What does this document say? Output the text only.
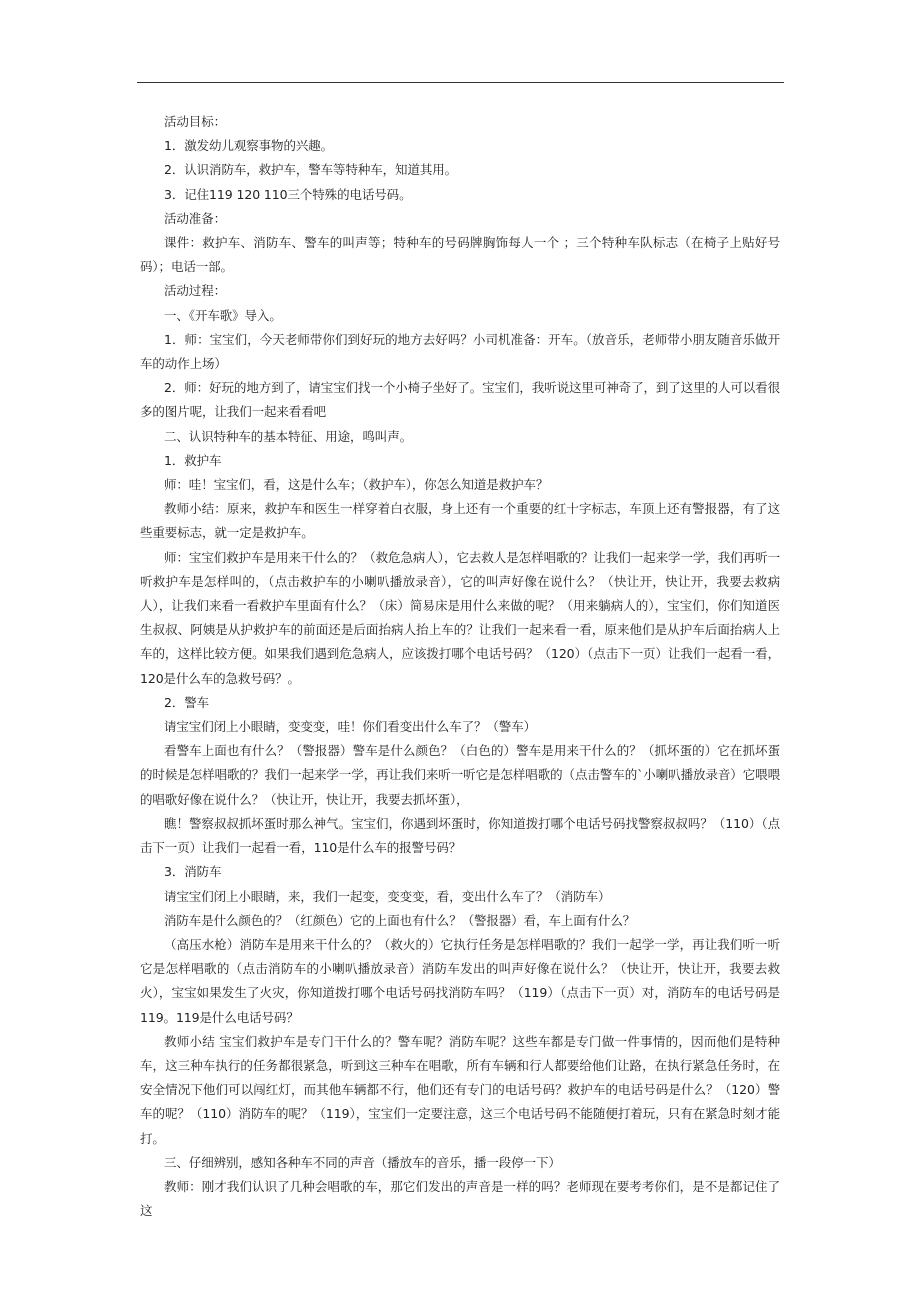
活动目标：

1．激发幼儿观察事物的兴趣。

2．认识消防车，救护车，警车等特种车，知道其用。

3．记住119 120 110三个特殊的电话号码。

活动准备：

课件：救护车、消防车、警车的叫声等；特种车的号码牌胸饰每人一个 ；三个特种车队标志（在椅子上贴好号码）；电话一部。

活动过程：

一、《开车歌》导入。

1．师：宝宝们，今天老师带你们到好玩的地方去好吗？小司机准备：开车。（放音乐，老师带小朋友随音乐做开车的动作上场）

2．师：好玩的地方到了，请宝宝们找一个小椅子坐好了。宝宝们，我听说这里可神奇了，到了这里的人可以看很多的图片呢，让我们一起来看看吧

二、认识特种车的基本特征、用途，鸣叫声。

1．救护车

师：哇！宝宝们，看，这是什么车；（救护车），你怎么知道是救护车？

教师小结：原来，救护车和医生一样穿着白衣服，身上还有一个重要的红十字标志，车顶上还有警报器，有了这些重要标志，就一定是救护车。

师：宝宝们救护车是用来干什么的？（救危急病人），它去救人是怎样唱歌的？让我们一起来学一学，我们再听一听救护车是怎样叫的，（点击救护车的小喇叭播放录音），它的叫声好像在说什么？（快让开，快让开，我要去救病人），让我们来看一看救护车里面有什么？（床）简易床是用什么来做的呢？（用来躺病人的），宝宝们，你们知道医生叔叔、阿姨是从护救护车的前面还是后面抬病人抬上车的？让我们一起来看一看，原来他们是从护车后面抬病人上车的，这样比较方便。如果我们遇到危急病人，应该拨打哪个电话号码？（120）（点击下一页）让我们一起看一看，120是什么车的急救号码？。

2．警车

请宝宝们闭上小眼睛，变变变，哇！你们看变出什么车了？（警车）

看警车上面也有什么？（警报器）警车是什么颜色？（白色的）警车是用来干什么的？（抓坏蛋的）它在抓坏蛋的时候是怎样唱歌的？我们一起来学一学，再让我们来听一听它是怎样唱歌的（点击警车的`小喇叭播放录音）它喂喂的唱歌好像在说什么？（快让开，快让开，我要去抓坏蛋），

瞧！警察叔叔抓坏蛋时那么神气。宝宝们，你遇到坏蛋时，你知道拨打哪个电话号码找警察叔叔吗？（110）（点击下一页）让我们一起看一看，110是什么车的报警号码？

3．消防车

请宝宝们闭上小眼睛，来，我们一起变，变变变，看，变出什么车了？（消防车）

消防车是什么颜色的？（红颜色）它的上面也有什么？（警报器）看，车上面有什么？

（高压水枪）消防车是用来干什么的？（救火的）它执行任务是怎样唱歌的？我们一起学一学，再让我们听一听它是怎样唱歌的（点击消防车的小喇叭播放录音）消防车发出的叫声好像在说什么？（快让开，快让开，我要去救火），宝宝如果发生了火灾，你知道拨打哪个电话号码找消防车吗？（119）（点击下一页）对，消防车的电话号码是119。119是什么电话号码？

教师小结 宝宝们救护车是专门干什么的？警车呢？消防车呢？这些车都是专门做一件事情的，因而他们是特种车，这三种车执行的任务都很紧急，听到这三种车在唱歌，所有车辆和行人都要给他们让路，在执行紧急任务时，在安全情况下他们可以闯红灯，而其他车辆都不行，他们还有专门的电话号码？救护车的电话号码是什么？（120）警车的呢？（110）消防车的呢？（119），宝宝们一定要注意，这三个电话号码不能随便打着玩，只有在紧急时刻才能打。

三、仔细辨别，感知各种车不同的声音（播放车的音乐，播一段停一下）

教师：刚才我们认识了几种会唱歌的车，那它们发出的声音是一样的吗？老师现在要考考你们，是不是都记住了这
